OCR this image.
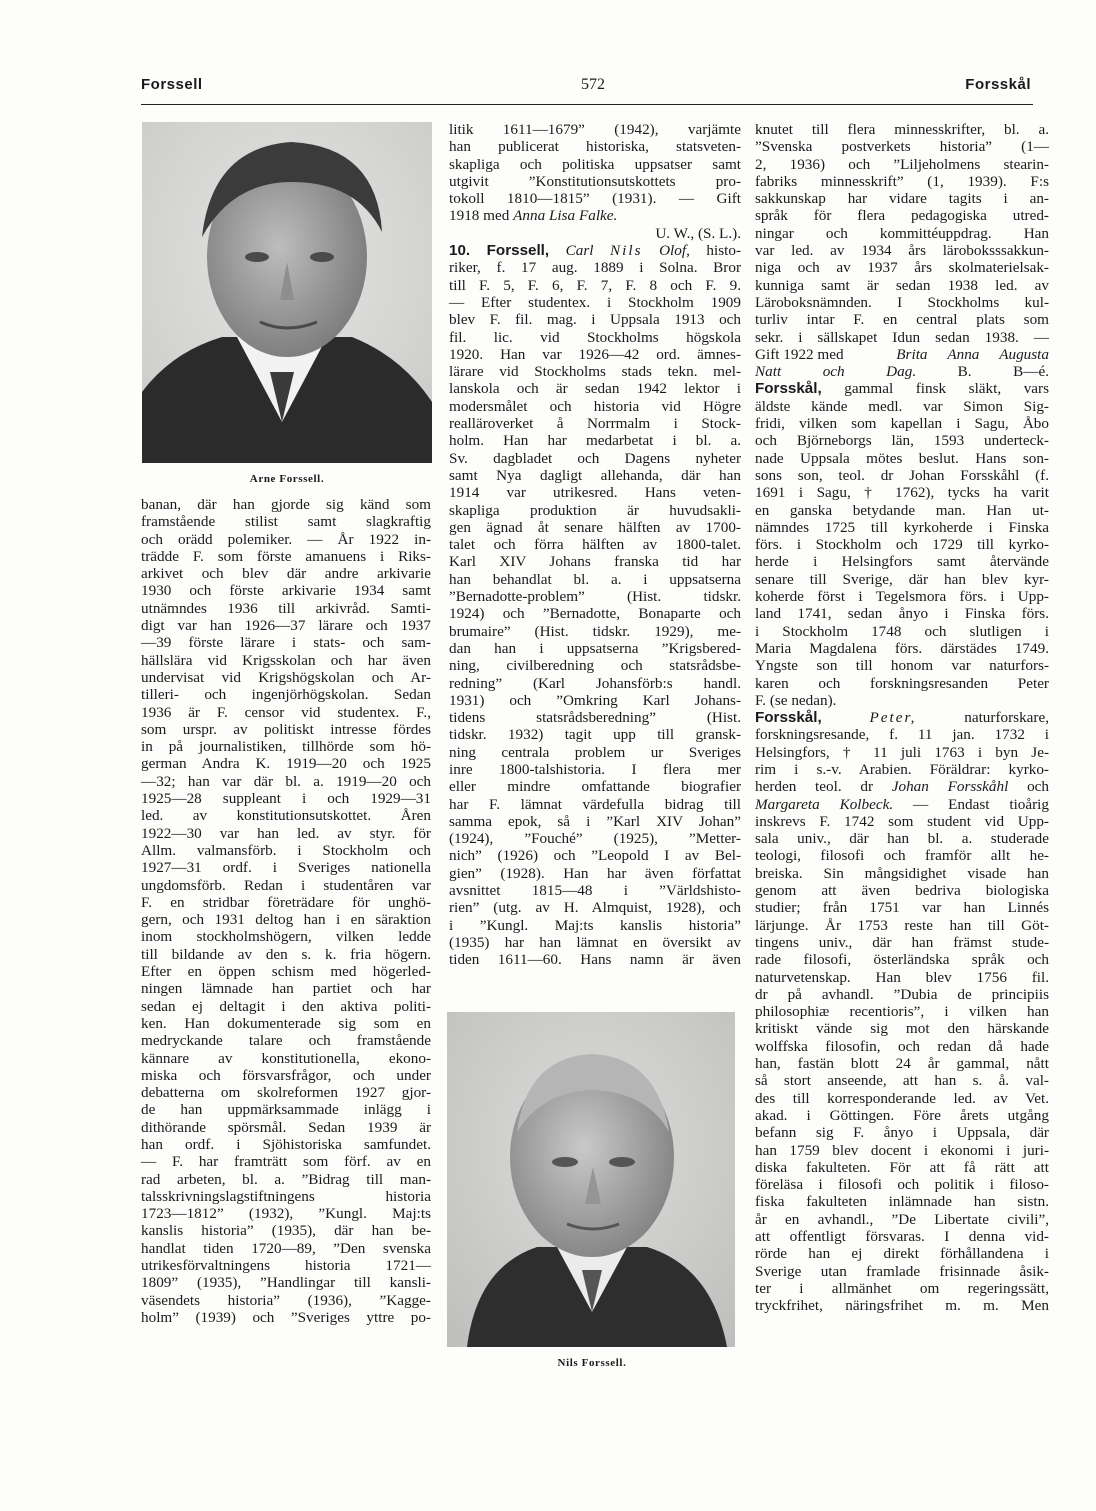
Forssell	572	Forsskål
Arne Forssell.
banan, där han gjorde sig känd som
framstående stilist samt slagkraftig
och orädd polemiker. — År 1922 in-
trädde F. som förste amanuens i Riks-
arkivet och blev där andre arkivarie
1930 och förste arkivarie 1934 samt
utnämndes 1936 till arkivråd. Samti-
digt var han 1926—37 lärare och 1937
—39 förste lärare i stats- och sam-
hällslära vid Krigsskolan och har även
undervisat vid Krigshögskolan och Ar-
tilleri- och ingenjörhögskolan. Sedan
1936 är F. censor vid studentex. F.,
som urspr. av politiskt intresse fördes
in på journalistiken, tillhörde som hö-
german Andra K. 1919—20 och 1925
—32; han var där bl. a. 1919—20 och
1925—28 suppleant i och 1929—31
led. av konstitutionsutskottet. Åren
1922—30 var han led. av styr. för
Allm. valmansförb. i Stockholm och
1927—31 ordf. i Sveriges nationella
ungdomsförb. Redan i studentåren var
F. en stridbar företrädare för unghö-
gern, och 1931 deltog han i en säraktion
inom stockholmshögern, vilken ledde
till bildande av den s. k. fria högern.
Efter en öppen schism med högerled-
ningen lämnade han partiet och har
sedan ej deltagit i den aktiva politi-
ken. Han dokumenterade sig som en
medryckande talare och framstående
kännare av konstitutionella, ekono-
miska och försvarsfrågor, och under
debatterna om skolreformen 1927 gjor-
de han uppmärksammade inlägg i
dithörande spörsmål. Sedan 1939 är
han ordf. i Sjöhistoriska samfundet.
— F. har framträtt som förf. av en
rad arbeten, bl. a. ”Bidrag till man-
talsskrivningslagstiftningens historia
1723—1812” (1932), ”Kungl. Maj:ts
kanslis historia” (1935), där han be-
handlat tiden 1720—89, ”Den svenska
utrikesförvaltningens historia 1721—
1809” (1935), ”Handlingar till kansli-
väsendets historia” (1936), ”Kagge-
holm” (1939) och ”Sveriges yttre po-
litik 1611—1679” (1942), varjämte
han publicerat historiska, statsveten-
skapliga och politiska uppsatser samt
utgivit ”Konstitutionsutskottets pro-
tokoll 1810—1815” (1931). — Gift
1918 med Anna Lisa Falke.
U. W., (S. L.).
10. Forssell, Carl Nils Olof, histo-
riker, f. 17 aug. 1889 i Solna. Bror
till F. 5, F. 6, F. 7, F. 8 och F. 9.
— Efter studentex. i Stockholm 1909
blev F. fil. mag. i Uppsala 1913 och
fil. lic. vid Stockholms högskola
1920. Han var 1926—42 ord. ämnes-
lärare vid Stockholms stads tekn. mel-
lanskola och är sedan 1942 lektor i
modersmålet och historia vid Högre
realläroverket å Norrmalm i Stock-
holm. Han har medarbetat i bl. a.
Sv. dagbladet och Dagens nyheter
samt Nya dagligt allehanda, där han
1914 var utrikesred. Hans veten-
skapliga produktion är huvudsakli-
gen ägnad åt senare hälften av 1700-
talet och förra hälften av 1800-talet.
Karl XIV Johans franska tid har
han behandlat bl. a. i uppsatserna
”Bernadotte-problem” (Hist. tidskr.
1924) och ”Bernadotte, Bonaparte och
brumaire” (Hist. tidskr. 1929), me-
dan han i uppsatserna ”Krigsbered-
ning, civilberedning och statsrådsbe-
redning” (Karl Johansförb:s handl.
1931) och ”Omkring Karl Johans-
tidens statsrådsberedning” (Hist.
tidskr. 1932) tagit upp till gransk-
ning centrala problem ur Sveriges
inre 1800-talshistoria. I flera mer
eller mindre omfattande biografier
har F. lämnat värdefulla bidrag till
samma epok, så i ”Karl XIV Johan”
(1924), ”Fouché” (1925), ”Metter-
nich” (1926) och ”Leopold I av Bel-
gien” (1928). Han har även författat
avsnittet 1815—48 i ”Världshisto-
rien” (utg. av H. Almquist, 1928), och
i ”Kungl. Maj:ts kanslis historia”
(1935) har han lämnat en översikt av
tiden 1611—60. Hans namn är även
Nils Forssell.
knutet till flera minnesskrifter, bl. a.
”Svenska postverkets historia” (1—
2, 1936) och ”Liljeholmens stearin-
fabriks minnesskrift” (1, 1939). F:s
sakkunskap har vidare tagits i an-
språk för flera pedagogiska utred-
ningar och kommittéuppdrag. Han
var led. av 1934 års läroboksssakkun-
niga och av 1937 års skolmaterielsak-
kunniga samt är sedan 1938 led. av
Läroboksnämnden. I Stockholms kul-
turliv intar F. en central plats som
sekr. i sällskapet Idun sedan 1938. —
Gift 1922 med	Brita Anna Augusta
Natt och Dag.	B. B—é.
Forsskål, gammal finsk släkt, vars
äldste kände medl. var Simon Sig-
fridi, vilken som kapellan i Sagu, Åbo
och Björneborgs län, 1593 underteck-
nade Uppsala mötes beslut. Hans son-
sons son, teol. dr Johan Forsskåhl (f.
1691 i Sagu, † 1762), tycks ha varit
en ganska betydande man. Han ut-
nämndes 1725 till kyrkoherde i Finska
förs. i Stockholm och 1729 till kyrko-
herde i Helsingfors samt återvände
senare till Sverige, där han blev kyr-
koherde först i Tegelsmora förs. i Upp-
land 1741, sedan ånyo i Finska förs.
i Stockholm 1748 och slutligen i
Maria Magdalena förs. därstädes 1749.
Yngste son till honom var naturfors-
karen och forskningsresanden Peter
F. (se nedan).
Forsskål,	Peter,	naturforskare,
forskningsresande, f. 11 jan. 1732 i
Helsingfors, † 11 juli 1763 i byn Je-
rim i s.-v. Arabien. Föräldrar: kyrko-
herden teol. dr Johan Forsskåhl och
Margareta Kolbeck. — Endast tioårig
inskrevs F. 1742 som student vid Upp-
sala univ., där han bl. a. studerade
teologi, filosofi och framför allt he-
breiska. Sin mångsidighet visade han
genom att även bedriva biologiska
studier; från 1751 var han Linnés
lärjunge. År 1753 reste han till Göt-
tingens univ., där han främst stude-
rade filosofi, österländska språk och
naturvetenskap. Han blev 1756 fil.
dr på avhandl. ”Dubia de principiis
philosophiæ recentioris”, i vilken han
kritiskt vände sig mot den härskande
wolffska filosofin, och redan då hade
han, fastän blott 24 år gammal, nått
så stort anseende, att han s. å. val-
des till korresponderande led. av Vet.
akad. i Göttingen. Före årets utgång
befann sig F. ånyo i Uppsala, där
han 1759 blev docent i ekonomi i juri-
diska fakulteten. För att få rätt att
föreläsa i filosofi och politik i filoso-
fiska fakulteten inlämnade han sistn.
år en avhandl., ”De Libertate civili”,
att offentligt försvaras. I denna vid-
rörde han ej direkt förhållandena i
Sverige utan framlade frisinnade åsik-
ter i allmänhet om regeringssätt,
tryckfrihet, näringsfrihet m. m. Men
